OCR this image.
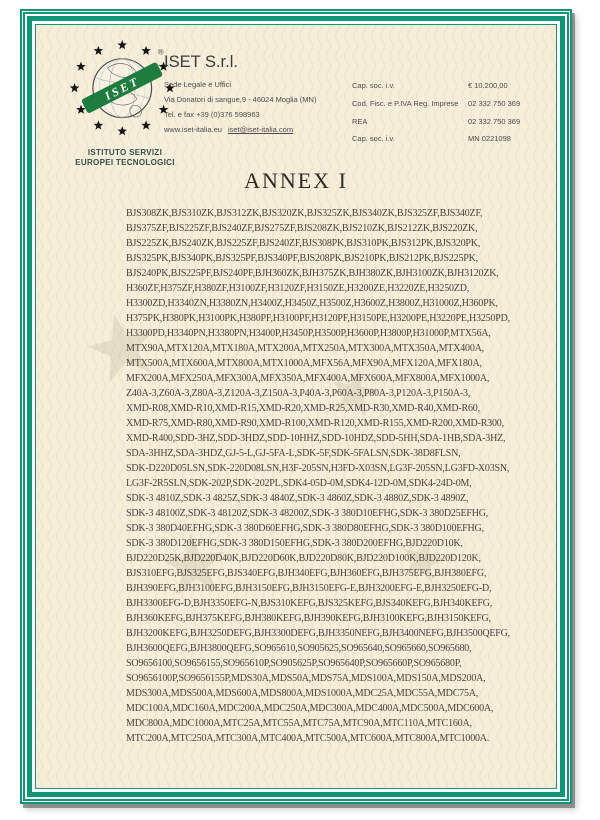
★ ★
★	★
ISET
®
ISTITUTO SERVIZI
EUROPEI TECNOLOGICI
ISET S.r.l.
Sede Legale e Uffici
Via Donatori di sangue,9 - 46024 Moglia (MN)
Tel. e fax +39 (0)376 598963
www.iset-italia.eu iset@iset-italia.com
Cap. soc. i.v.	€ 10.200,00
Cod. Fisc. e P.IVA Reg. Imprese 02 332 750 369
REA	02 332 750 369
Cap. soc. i.v.	MN 0221098
ANNEX I
BJS308ZK,BJS310ZK,BJS312ZK,BJS320ZK,BJS325ZK,BJS340ZK,BJS325ZF,BJS340ZF,
BJS375ZF,BJS225ZF,BJS240ZF,BJS275ZF,BJS208ZK,BJS210ZK,BJS212ZK,BJS220ZK,
BJS225ZK,BJS240ZK,BJS225ZF,BJS240ZF,BJS308PK,BJS310PK,BJS312PK,BJS320PK,
BJS325PK,BJS340PK,BJS325PF,BJS340PF,BJS208PK,BJS210PK,BJS212PK,BJS225PK,
BJS240PK,BJS225PF,BJS240PF,BJH360ZK,BJH375ZK,BJH380ZK,BJH3100ZK,BJH3120ZK,
H360ZF,H375ZF,H380ZF,H3100ZF,H3120ZF,H3150ZE,H3200ZE,H3220ZE,H3250ZD,
H3300ZD,H3340ZN,H3380ZN,H3400Z,H3450Z,H3500Z,H3600Z,H3800Z,H31000Z,H360PK,
H375PK,H380PK,H3100PK,H380PF,H3100PF,H3120PF,H3150PE,H3200PE,H3220PE,H3250PD,
H3300PD,H3340PN,H3380PN,H3400P,H3450P,H3500P,H3600P,H3800P,H31000P,MTX56A,
MTX90A,MTX120A,MTX180A,MTX200A,MTX250A,MTX300A,MTX350A,MTX400A,
MTX500A,MTX600A,MTX800A,MTX1000A,MFX56A,MFX90A,MFX120A,MFX180A,
MFX200A,MFX250A,MFX300A,MFX350A,MFX400A,MFX600A,MFX800A,MFX1000A,
Z40A-3,Z60A-3,Z80A-3,Z120A-3,Z150A-3,P40A-3,P60A-3,P80A-3,P120A-3,P150A-3,
XMD-R08,XMD-R10,XMD-R15,XMD-R20,XMD-R25,XMD-R30,XMD-R40,XMD-R60,
XMD-R75,XMD-R80,XMD-R90,XMD-R100,XMD-R120,XMD-R155,XMD-R200,XMD-R300,
XMD-R400,SDD-3HZ,SDD-3HDZ,SDD-10HHZ,SDD-10HDZ,SDD-5HH,SDA-1HB,SDA-3HZ,
SDA-3HHZ,SDA-3HDZ,GJ-5-L,GJ-5FA-L,SDK-5F,SDK-5FALSN,SDK-38D8FLSN,
SDK-D220D05LSN,SDK-220D08LSN,H3F-205SN,H3FD-X03SN,LG3F-205SN,LG3FD-X03SN,
LG3F-2R5SLN,SDK-202P,SDK-202PL,SDK4-05D-0M,SDK4-12D-0M,SDK4-24D-0M,
SDK-3 4810Z,SDK-3 4825Z,SDK-3 4840Z,SDK-3 4860Z,SDK-3 4880Z,SDK-3 4890Z,
SDK-3 48100Z,SDK-3 48120Z,SDK-3 48200Z,SDK-3 380D10EFHG,SDK-3 380D25EFHG,
SDK-3 380D40EFHG,SDK-3 380D60EFHG,SDK-3 380D80EFHG,SDK-3 380D100EFHG,
SDK-3 380D120EFHG,SDK-3 380D150EFHG,SDK-3 380D200EFHG,BJD220D10K,
BJD220D25K,BJD220D40K,BJD220D60K,BJD220D80K,BJD220D100K,BJD220D120K,
BJS310EFG,BJS325EFG,BJS340EFG,BJH340EFG,BJH360EFG,BJH375EFG,BJH380EFG,
BJH390EFG,BJH3100EFG,BJH3150EFG,BJH3150EFG-E,BJH3200EFG-E,BJH3250EFG-D,
BJH3300EFG-D,BJH3350EFG-N,BJS310KEFG,BJS325KEFG,BJS340KEFG,BJH340KEFG,
BJH360KEFG,BJH375KEFG,BJH380KEFG,BJH390KEFG,BJH3100KEFG,BJH3150KEFG,
BJH3200KEFG,BJH3250DEFG,BJH3300DEFG,BJH3350NEFG,BJH3400NEFG,BJH3500QEFG,
BJH3600QEFG,BJH3800QEFG,SO965610,SO905625,SO965640,SO965660,SO965680,
SO9656100,SO9656155,SO965610P,SO905625P,SO965640P,SO965660P,SO965680P,
SO9656100P,SO9656155P,MDS30A,MDS50A,MDS75A,MDS100A,MDS150A,MDS200A,
MDS300A,MDS500A,MDS600A,MDS800A,MDS1000A,MDC25A,MDC55A,MDC75A,
MDC100A,MDC160A,MDC200A,MDC250A,MDC300A,MDC400A,MDC500A,MDC600A,
MDC800A,MDC1000A,MTC25A,MTC55A,MTC75A,MTC90A,MTC110A,MTC160A,
MTC200A,MTC250A,MTC300A,MTC400A,MTC500A,MTC600A,MTC800A,MTC1000A.
